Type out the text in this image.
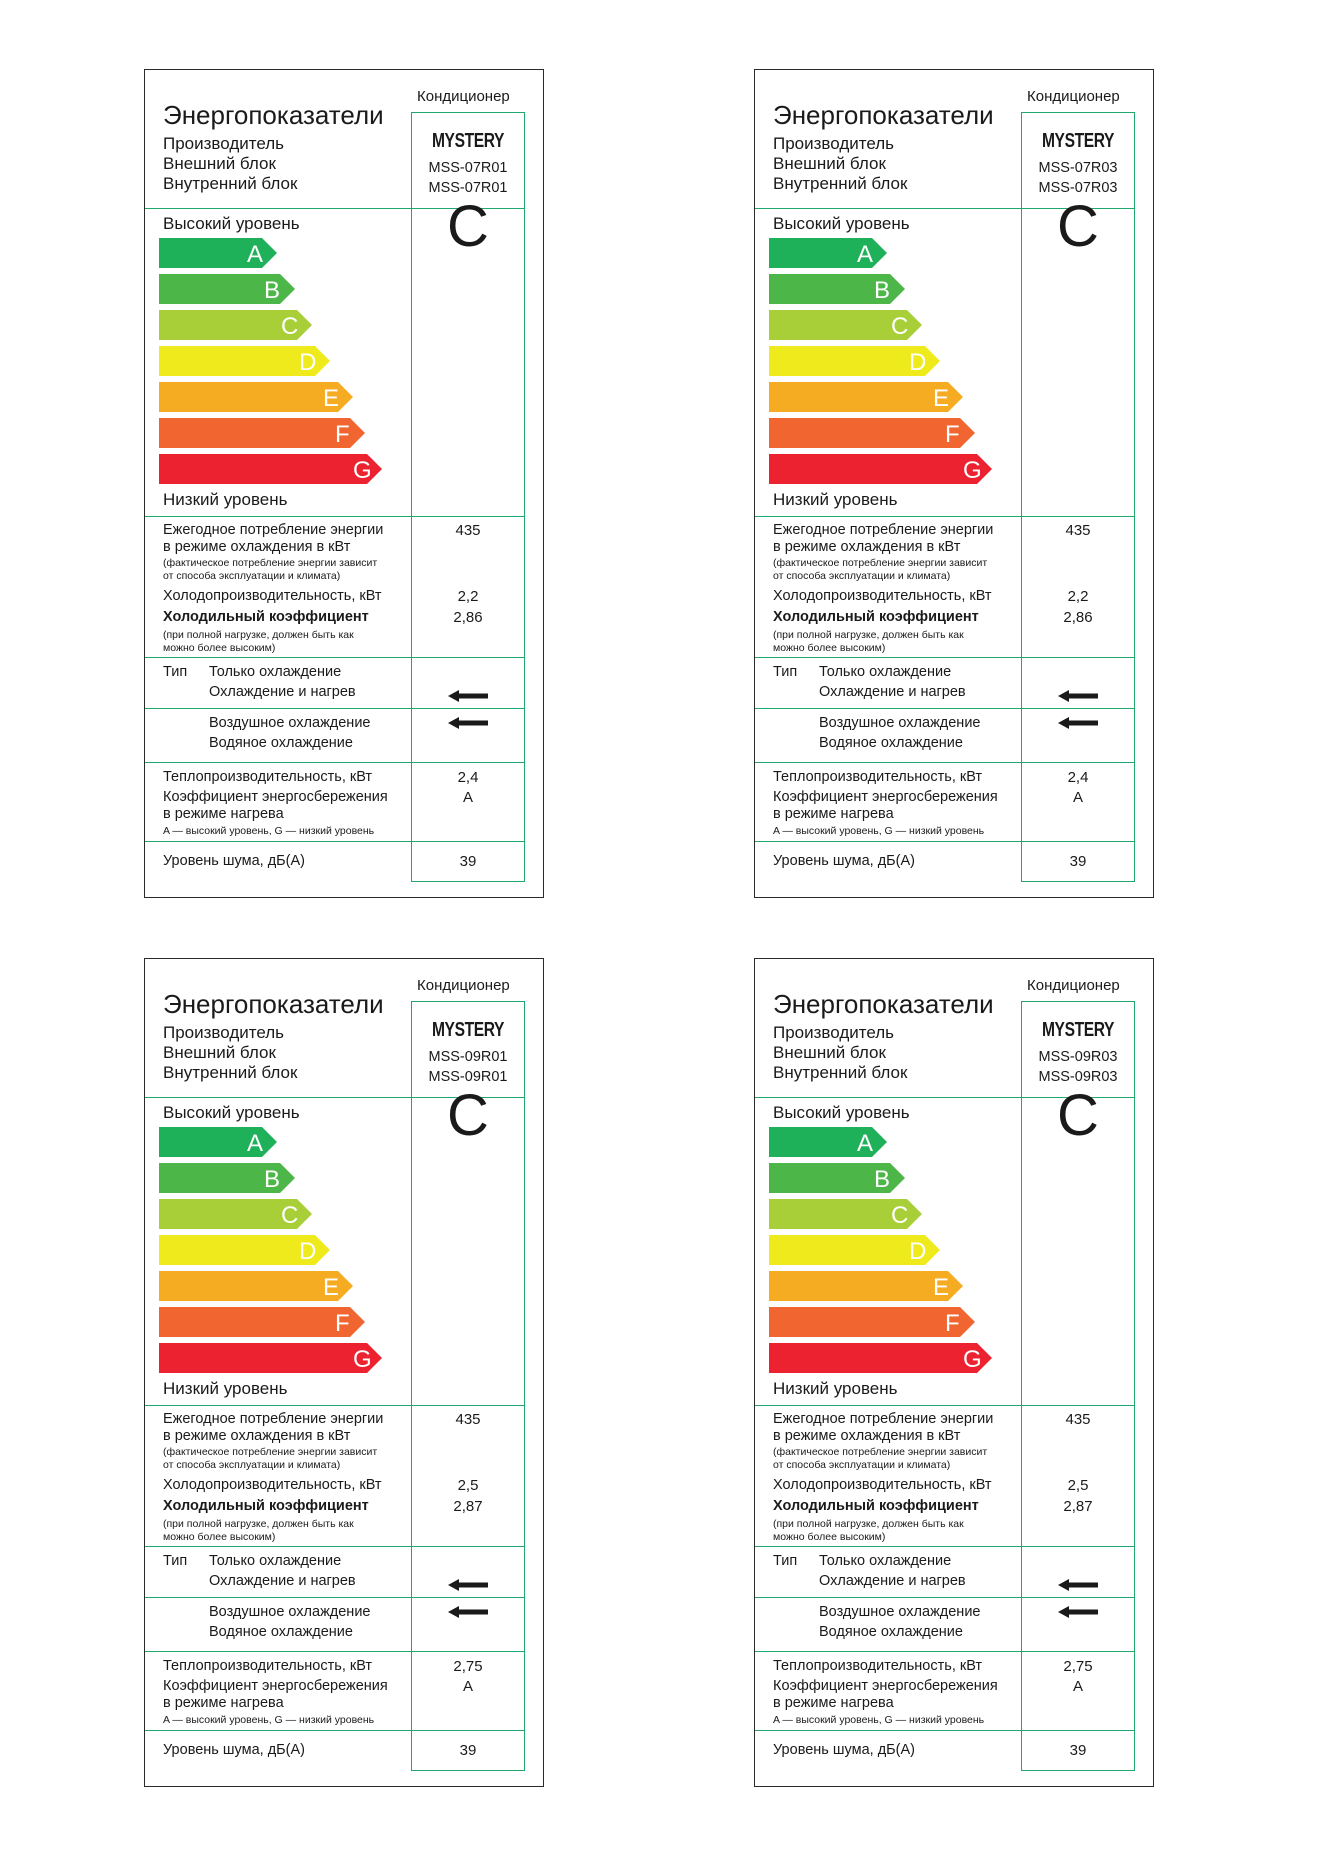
Кондиционер
Энергопоказатели
Производитель
Внешний блок
Внутренний блок
MYSTERY
MSS-07R01
MSS-07R01
Высокий уровень
A
B
C
D
E
F
G
Низкий уровень
C
Ежегодное потребление энергии
в режиме охлаждения в кВт
(фактическое потребление энергии зависит
от способа эксплуатации и климата)
435
Холодопроизводительность, кВт	2,2
Холодильный коэффициент	2,86
(при полной нагрузке, должен быть как
можно более высоким)
Тип Только охлаждение
Охлаждение и нагрев
Воздушное охлаждение
Водяное охлаждение
Теплопроизводительность, кВт	2,4
Коэффициент энергосбережения	A
в режиме нагрева
A — высокий уровень, G — низкий уровень
Уровень шума, дБ(А)	39
Кондиционер
Энергопоказатели
Производитель
Внешний блок
Внутренний блок
MYSTERY
MSS-07R03
MSS-07R03
Высокий уровень
A
B
C
D
E
F
G
Низкий уровень
C
Ежегодное потребление энергии
в режиме охлаждения в кВт
(фактическое потребление энергии зависит
от способа эксплуатации и климата)
435
Холодопроизводительность, кВт	2,2
Холодильный коэффициент	2,86
(при полной нагрузке, должен быть как
можно более высоким)
Тип Только охлаждение
Охлаждение и нагрев
Воздушное охлаждение
Водяное охлаждение
Теплопроизводительность, кВт	2,4
Коэффициент энергосбережения	A
в режиме нагрева
A — высокий уровень, G — низкий уровень
Уровень шума, дБ(А)	39
Кондиционер
Энергопоказатели
Производитель
Внешний блок
Внутренний блок
MYSTERY
MSS-09R01
MSS-09R01
Высокий уровень
A
B
C
D
E
F
G
Низкий уровень
C
Ежегодное потребление энергии
в режиме охлаждения в кВт
(фактическое потребление энергии зависит
от способа эксплуатации и климата)
435
Холодопроизводительность, кВт	2,5
Холодильный коэффициент	2,87
(при полной нагрузке, должен быть как
можно более высоким)
Тип Только охлаждение
Охлаждение и нагрев
Воздушное охлаждение
Водяное охлаждение
Теплопроизводительность, кВт	2,75
Коэффициент энергосбережения	A
в режиме нагрева
A — высокий уровень, G — низкий уровень
Уровень шума, дБ(А)	39
Кондиционер
Энергопоказатели
Производитель
Внешний блок
Внутренний блок
MYSTERY
MSS-09R03
MSS-09R03
Высокий уровень
A
B
C
D
E
F
G
Низкий уровень
C
Ежегодное потребление энергии
в режиме охлаждения в кВт
(фактическое потребление энергии зависит
от способа эксплуатации и климата)
435
Холодопроизводительность, кВт	2,5
Холодильный коэффициент	2,87
(при полной нагрузке, должен быть как
можно более высоким)
Тип Только охлаждение
Охлаждение и нагрев
Воздушное охлаждение
Водяное охлаждение
Теплопроизводительность, кВт	2,75
Коэффициент энергосбережения	A
в режиме нагрева
A — высокий уровень, G — низкий уровень
Уровень шума, дБ(А)	39
